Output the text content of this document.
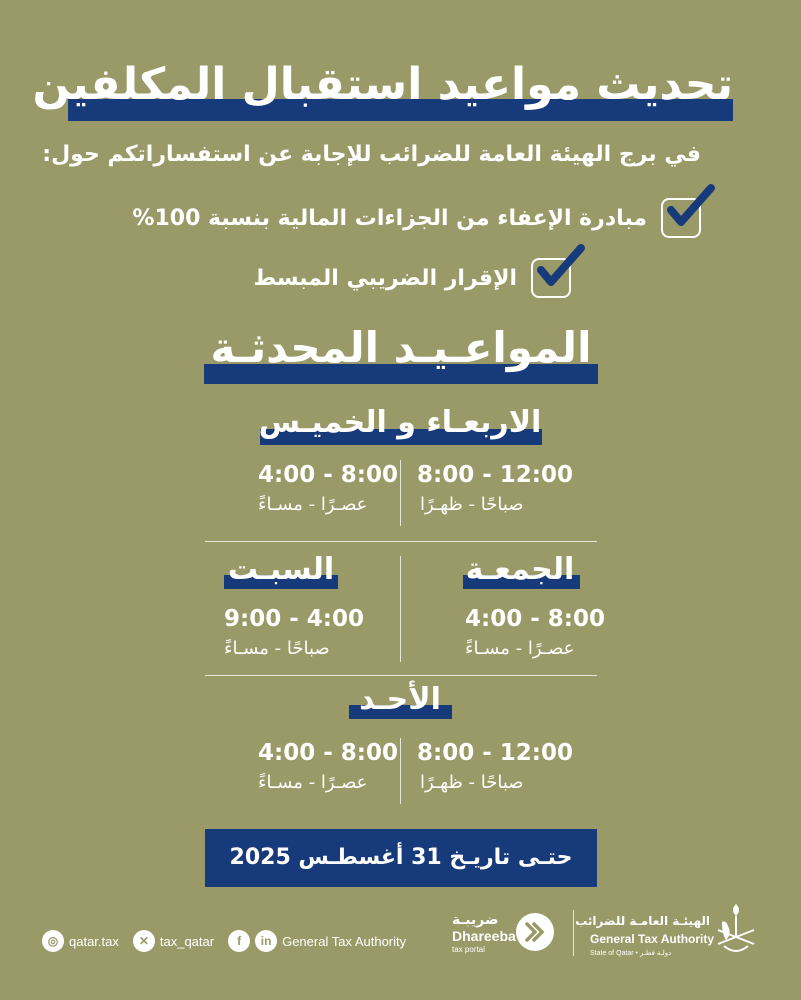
تحديث مواعيد استقبال المكلفين
في برج الهيئة العامة للضرائب للإجابة عن استفساراتكم حول:
مبادرة الإعفاء من الجزاءات المالية بنسبة 100%
الإقرار الضريبي المبسط
المواعـيـد المحدثـة
الاربعـاء و الخميـس
8:00 - 12:00
صباحًا - ظهـرًا
4:00 - 8:00
عصـرًا - مسـاءً
الجمعـة
4:00 - 8:00
عصـرًا - مسـاءً
السبـت
9:00 - 4:00
صباحًا - مسـاءً
الأحـد
8:00 - 12:00
صباحًا - ظهـرًا
4:00 - 8:00
عصـرًا - مسـاءً
حتـى تاريـخ 31 أغسطـس 2025
◎ qatar.tax	✕ tax_qatar	f	in General Tax Authority
ضريبـة
Dhareeba
tax portal
الهيئـة العامـة للضرائب
General Tax Authority
State of Qatar • دولـة قطـر
